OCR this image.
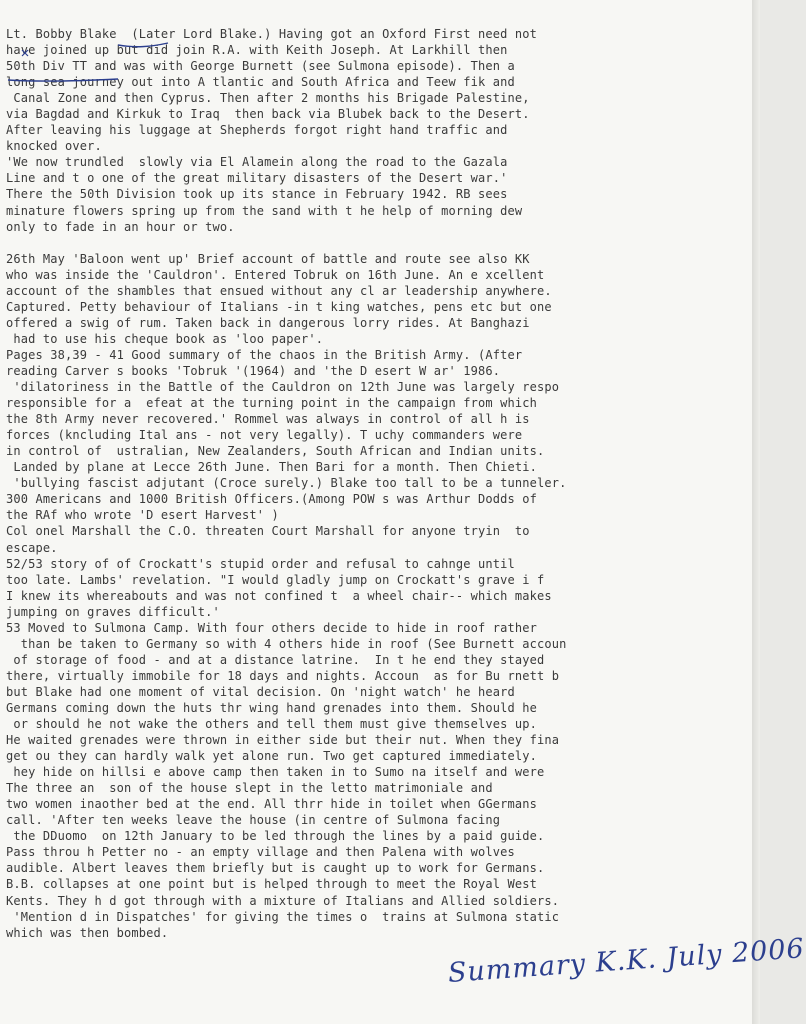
Lt. Bobby Blake  (Later Lord Blake.) Having got an Oxford First need not
have joined up but did join R.A. with Keith Joseph. At Larkhill then
50th Div TT and was with George Burnett (see Sulmona episode). Then a
long sea journey out into A tlantic and South Africa and Teew fik and
Canal Zone and then Cyprus. Then after 2 months his Brigade Palestine,
via Bagdad and Kirkuk to Iraq  then back via Blubek back to the Desert.
After leaving his luggage at Shepherds forgot right hand traffic and
knocked over.
'We now trundled  slowly via El Alamein along the road to the Gazala
Line and t o one of the great military disasters of the Desert war.'
There the 50th Division took up its stance in February 1942. RB sees
minature flowers spring up from the sand with t he help of morning dew
only to fade in an hour or two.
26th May 'Baloon went up' Brief account of battle and route see also KK
who was inside the 'Cauldron'. Entered Tobruk on 16th June. An e xcellent
account of the shambles that ensued without any cl ar leadership anywhere.
Captured. Petty behaviour of Italians -in t king watches, pens etc but one
offered a swig of rum. Taken back in dangerous lorry rides. At Banghazi
had to use his cheque book as 'loo paper'.
Pages 38,39 - 41 Good summary of the chaos in the British Army. (After
reading Carver s books 'Tobruk '(1964) and 'the D esert W ar' 1986.
'dilatoriness in the Battle of the Cauldron on 12th June was largely respo
responsible for a  efeat at the turning point in the campaign from which
the 8th Army never recovered.' Rommel was always in control of all h is
forces (kncluding Ital ans - not very legally). T uchy commanders were
in control of  ustralian, New Zealanders, South African and Indian units.
Landed by plane at Lecce 26th June. Then Bari for a month. Then Chieti.
'bullying fascist adjutant (Croce surely.) Blake too tall to be a tunneler.
300 Americans and 1000 British Officers.(Among POW s was Arthur Dodds of
the RAf who wrote 'D esert Harvest' )
Col onel Marshall the C.O. threaten Court Marshall for anyone tryin  to
escape.
52/53 story of of Crockatt's stupid order and refusal to cahnge until
too late. Lambs' revelation. "I would gladly jump on Crockatt's grave i f
I knew its whereabouts and was not confined t  a wheel chair-- which makes
jumping on graves difficult.'
53 Moved to Sulmona Camp. With four others decide to hide in roof rather
than be taken to Germany so with 4 others hide in roof (See Burnett accoun
of storage of food - and at a distance latrine.  In t he end they stayed
there, virtually immobile for 18 days and nights. Accoun  as for Bu rnett b
but Blake had one moment of vital decision. On 'night watch' he heard
Germans coming down the huts thr wing hand grenades into them. Should he
or should he not wake the others and tell them must give themselves up.
He waited grenades were thrown in either side but their nut. When they fina
get ou they can hardly walk yet alone run. Two get captured immediately.
hey hide on hillsi e above camp then taken in to Sumo na itself and were
The three an  son of the house slept in the letto matrimoniale and
two women inaother bed at the end. All thrr hide in toilet when GGermans
call. 'After ten weeks leave the house (in centre of Sulmona facing
the DDuomo  on 12th January to be led through the lines by a paid guide.
Pass throu h Petter no - an empty village and then Palena with wolves
audible. Albert leaves them briefly but is caught up to work for Germans.
B.B. collapses at one point but is helped through to meet the Royal West
Kents. They h d got through with a mixture of Italians and Allied soldiers.
'Mention d in Dispatches' for giving the times o  trains at Sulmona static
which was then bombed.
Summary K.K. July 2006
